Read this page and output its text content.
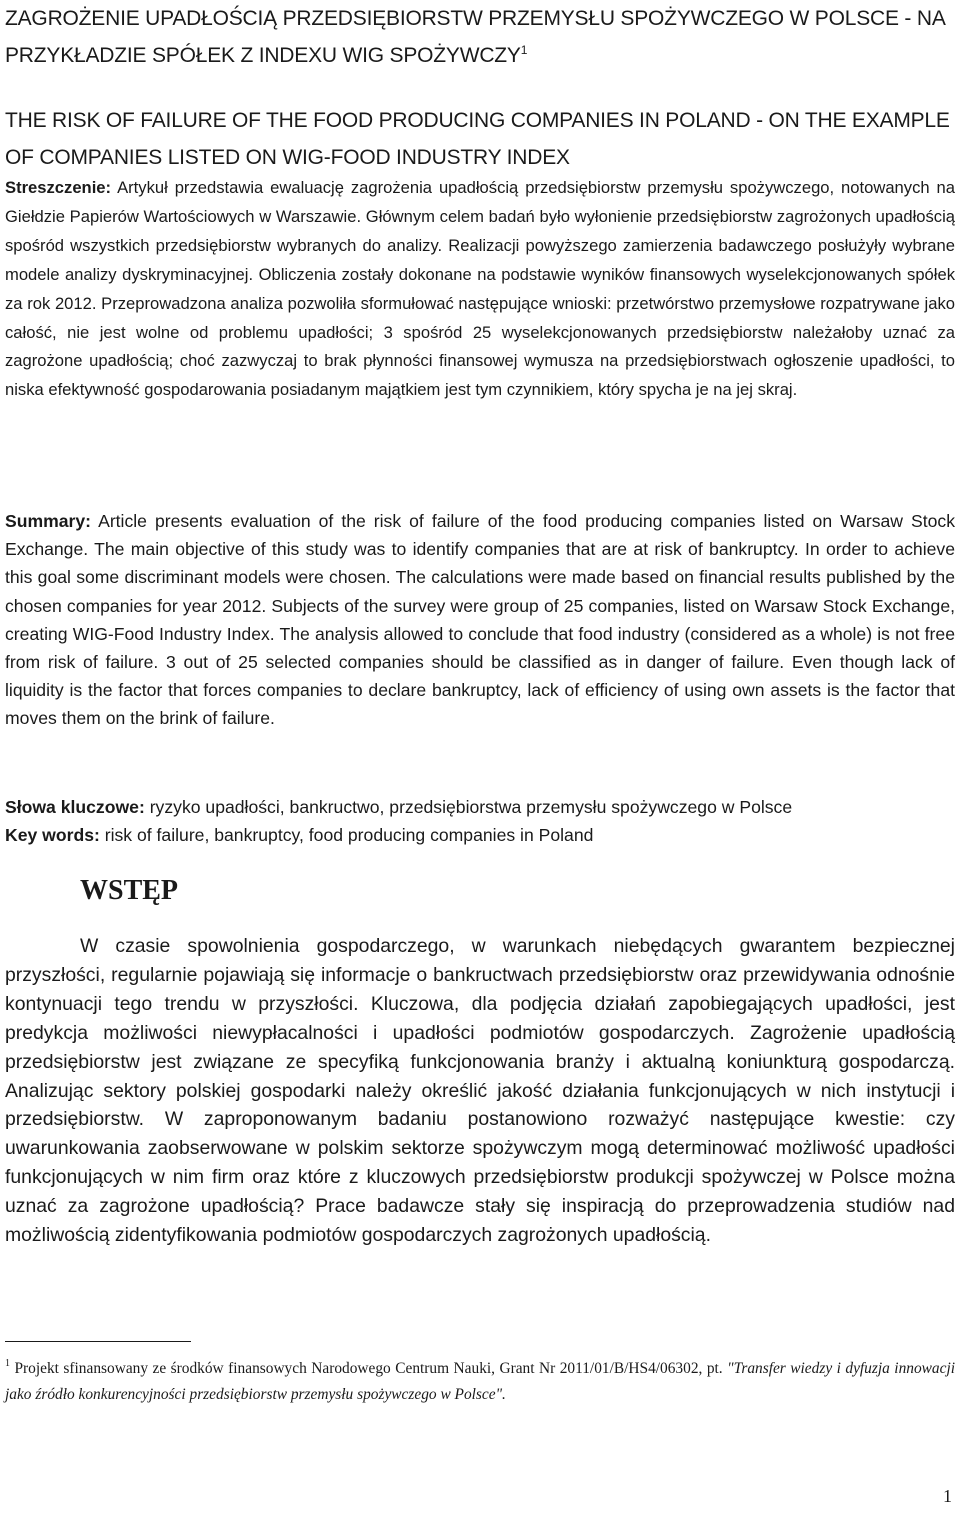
ZAGROŻENIE UPADŁOŚCIĄ PRZEDSIĘBIORSTW PRZEMYSŁU SPOŻYWCZEGO W POLSCE - NA PRZYKŁADZIE SPÓŁEK Z INDEXU WIG SPOŻYWCZY$^1$
THE RISK OF FAILURE OF THE FOOD PRODUCING COMPANIES IN POLAND - ON THE EXAMPLE OF COMPANIES LISTED ON WIG-FOOD INDUSTRY INDEX

Streszczenie: Artykuł przedstawia ewaluację zagrożenia upadłością przedsiębiorstw przemysłu spożywczego, notowanych na Giełdzie Papierów Wartościowych w Warszawie. Głównym celem badań było wyłonienie przedsiębiorstw zagrożonych upadłością spośród wszystkich przedsiębiorstw wybranych do analizy. Realizacji powyższego zamierzenia badawczego posłużyły wybrane modele analizy dyskryminacyjnej. Obliczenia zostały dokonane na podstawie wyników finansowych wyselekcjonowanych spółek za rok 2012. Przeprowadzona analiza pozwoliła sformułować następujące wnioski: przetwórstwo przemysłowe rozpatrywane jako całość, nie jest wolne od problemu upadłości; 3 spośród 25 wyselekcjonowanych przedsiębiorstw należałoby uznać za zagrożone upadłością; choć zazwyczaj to brak płynności finansowej wymusza na przedsiębiorstwach ogłoszenie upadłości, to niska efektywność gospodarowania posiadanym majątkiem jest tym czynnikiem, który spycha je na jej skraj.

Summary: Article presents evaluation of the risk of failure of the food producing companies listed on Warsaw Stock Exchange. The main objective of this study was to identify companies that are at risk of bankruptcy. In order to achieve this goal some discriminant models were chosen. The calculations were made based on financial results published by the chosen companies for year 2012. Subjects of the survey were group of 25 companies, listed on Warsaw Stock Exchange, creating WIG-Food Industry Index. The analysis allowed to conclude that food industry (considered as a whole) is not free from risk of failure. 3 out of 25 selected companies should be classified as in danger of failure. Even though lack of liquidity is the factor that forces companies to declare bankruptcy, lack of efficiency of using own assets is the factor that moves them on the brink of failure.

Słowa kluczowe: ryzyko upadłości, bankructwo, przedsiębiorstwa przemysłu spożywczego w Polsce

Key words: risk of failure, bankruptcy, food producing companies in Poland

WSTĘP

W czasie spowolnienia gospodarczego, w warunkach niebędących gwarantem bezpiecznej przyszłości, regularnie pojawiają się informacje o bankructwach przedsiębiorstw oraz przewidywania odnośnie kontynuacji tego trendu w przyszłości. Kluczowa, dla podjęcia działań zapobiegających upadłości, jest predykcja możliwości niewypłacalności i upadłości podmiotów gospodarczych. Zagrożenie upadłością przedsiębiorstw jest związane ze specyfiką funkcjonowania branży i aktualną koniunkturą gospodarczą. Analizując sektory polskiej gospodarki należy określić jakość działania funkcjonujących w nich instytucji i przedsiębiorstw. W zaproponowanym badaniu postanowiono rozważyć następujące kwestie: czy uwarunkowania zaobserwowane w polskim sektorze spożywczym mogą determinować możliwość upadłości funkcjonujących w nim firm oraz które z kluczowych przedsiębiorstw produkcji spożywczej w Polsce można uznać za zagrożone upadłością? Prace badawcze stały się inspiracją do przeprowadzenia studiów nad możliwością zidentyfikowania podmiotów gospodarczych zagrożonych upadłością.

$^1$ Projekt sfinansowany ze środków finansowych Narodowego Centrum Nauki, Grant Nr 2011/01/B/HS4/06302, pt. "Transfer wiedzy i dyfuzja innowacji jako źródło konkurencyjności przedsiębiorstw przemysłu spożywczego w Polsce".

1
